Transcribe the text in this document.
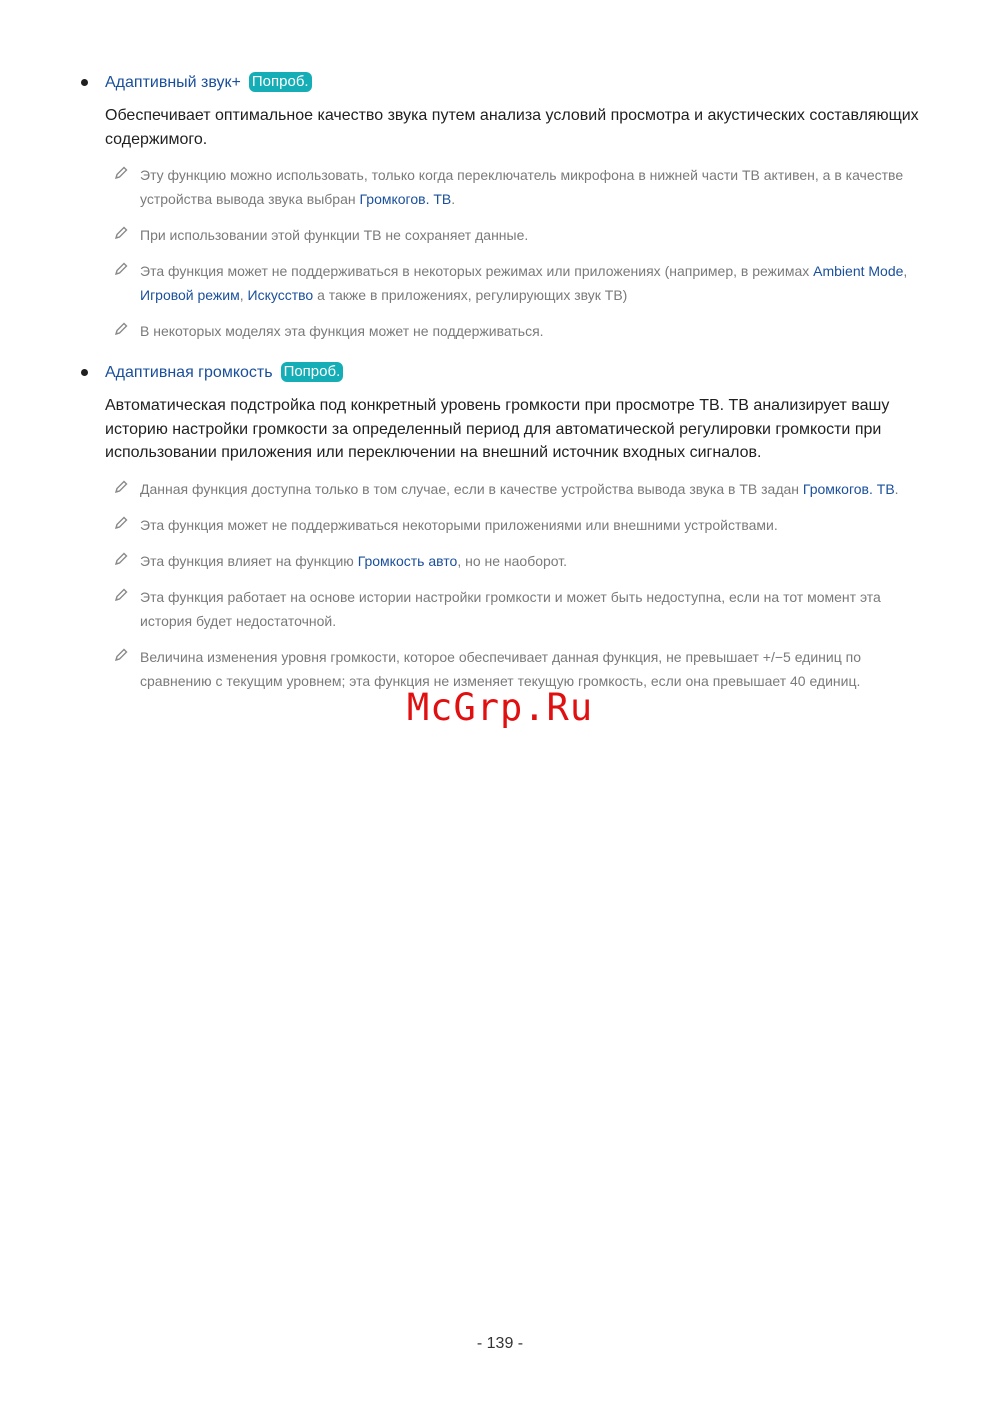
Адаптивный звук+ Попроб.
Обеспечивает оптимальное качество звука путем анализа условий просмотра и акустических составляющих содержимого.
Эту функцию можно использовать, только когда переключатель микрофона в нижней части ТВ активен, а в качестве устройства вывода звука выбран Громкогов. ТВ.
При использовании этой функции ТВ не сохраняет данные.
Эта функция может не поддерживаться в некоторых режимах или приложениях (например, в режимах Ambient Mode, Игровой режим, Искусство а также в приложениях, регулирующих звук ТВ)
В некоторых моделях эта функция может не поддерживаться.
Адаптивная громкость Попроб.
Автоматическая подстройка под конкретный уровень громкости при просмотре ТВ. ТВ анализирует вашу историю настройки громкости за определенный период для автоматической регулировки громкости при использовании приложения или переключении на внешний источник входных сигналов.
Данная функция доступна только в том случае, если в качестве устройства вывода звука в ТВ задан Громкогов. ТВ.
Эта функция может не поддерживаться некоторыми приложениями или внешними устройствами.
Эта функция влияет на функцию Громкость авто, но не наоборот.
Эта функция работает на основе истории настройки громкости и может быть недоступна, если на тот момент эта история будет недостаточной.
Величина изменения уровня громкости, которое обеспечивает данная функция, не превышает +/−5 единиц по сравнению с текущим уровнем; эта функция не изменяет текущую громкость, если она превышает 40 единиц.
McGrp.Ru
- 139 -
